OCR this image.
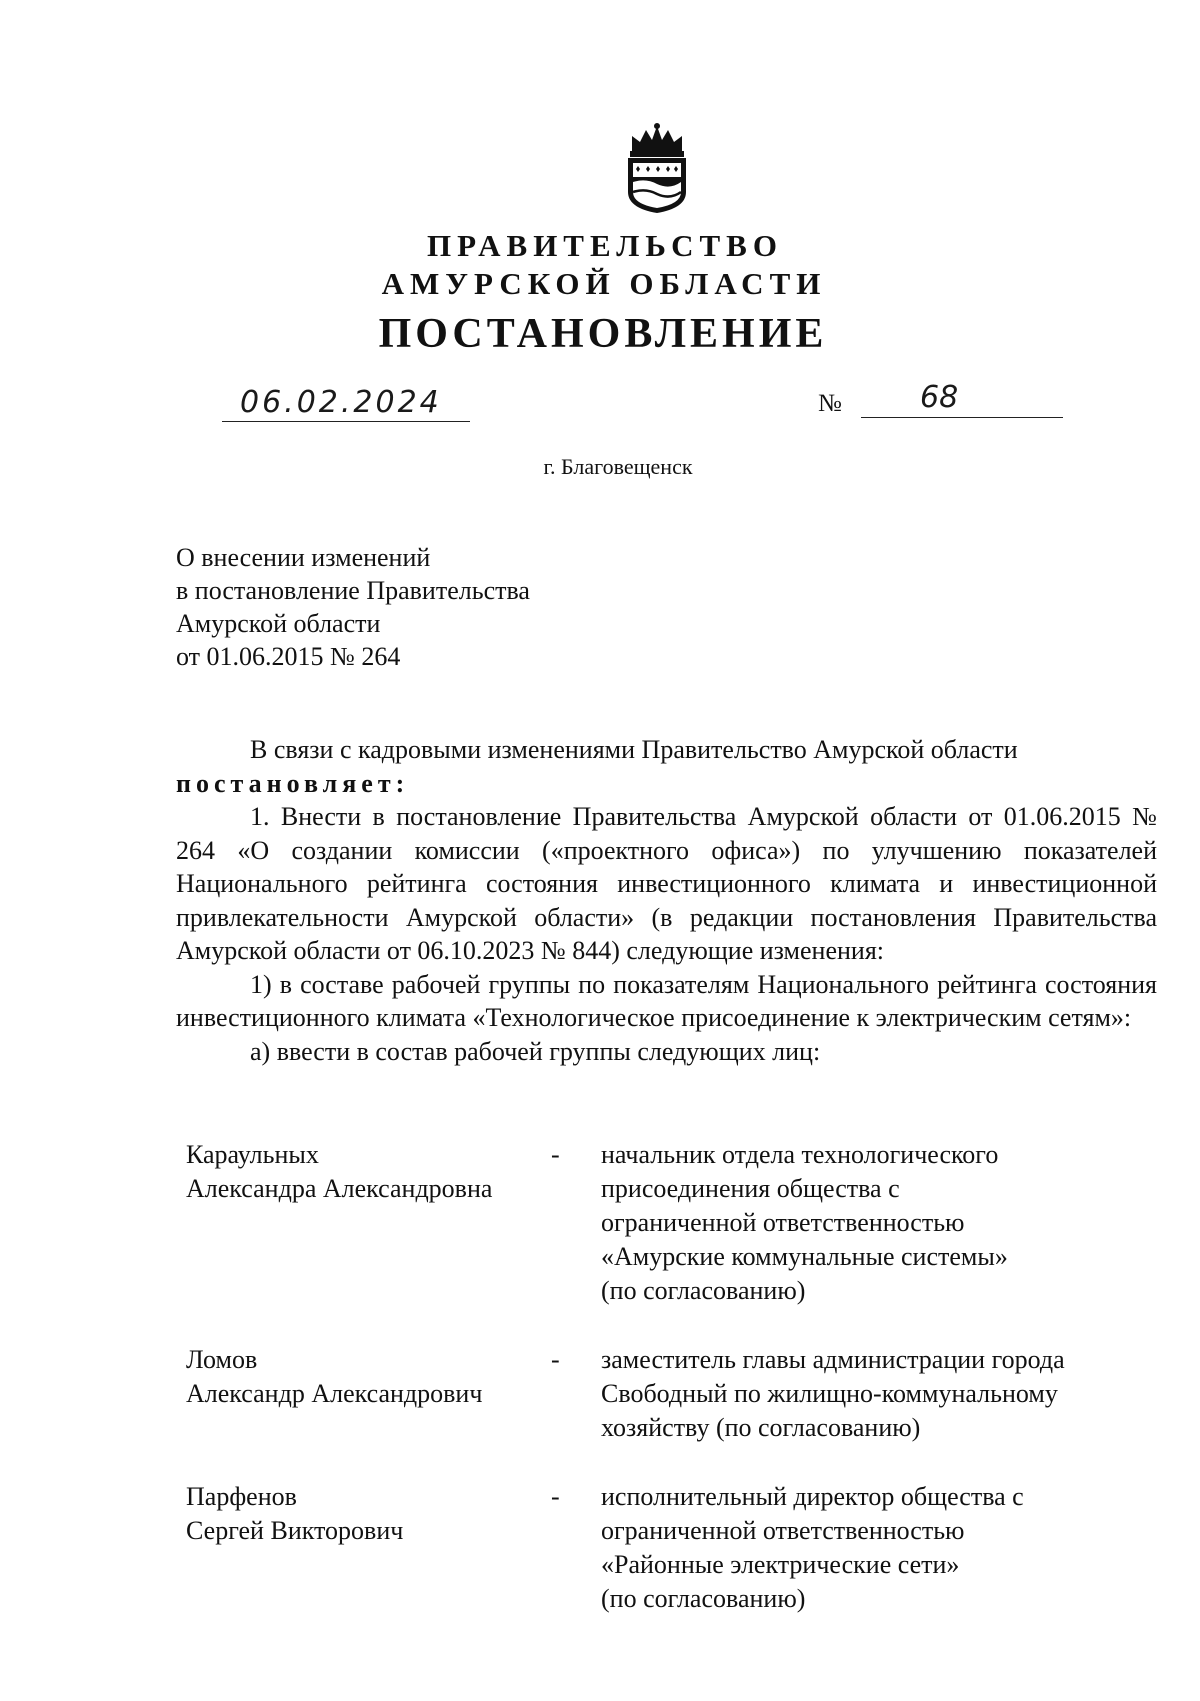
ПРАВИТЕЛЬСТВО
АМУРСКОЙ ОБЛАСТИ
ПОСТАНОВЛЕНИЕ
06.02.2024	№	68
г. Благовещенск
О внесении изменений
в постановление Правительства
Амурской области
от 01.06.2015 № 264
В связи с кадровыми изменениями Правительство Амурской области
постановляет:
1. Внести в постановление Правительства Амурской области от 01.06.2015 № 264 «О создании комиссии («проектного офиса») по улучшению показателей Национального рейтинга состояния инвестиционного климата и инвестиционной привлекательности Амурской области» (в редакции постановления Правительства Амурской области от 06.10.2023 № 844) следующие изменения:
1) в составе рабочей группы по показателям Национального рейтинга состояния инвестиционного климата «Технологическое присоединение к электрическим сетям»:
а) ввести в состав рабочей группы следующих лиц:
Караульных
Александра Александровна
-	начальник отдела технологического
присоединения общества с
ограниченной ответственностью
«Амурские коммунальные системы»
(по согласованию)
Ломов
Александр Александрович
-	заместитель главы администрации города
Свободный по жилищно-коммунальному
хозяйству (по согласованию)
Парфенов
Сергей Викторович
-	исполнительный директор общества с
ограниченной ответственностью
«Районные электрические сети»
(по согласованию)
